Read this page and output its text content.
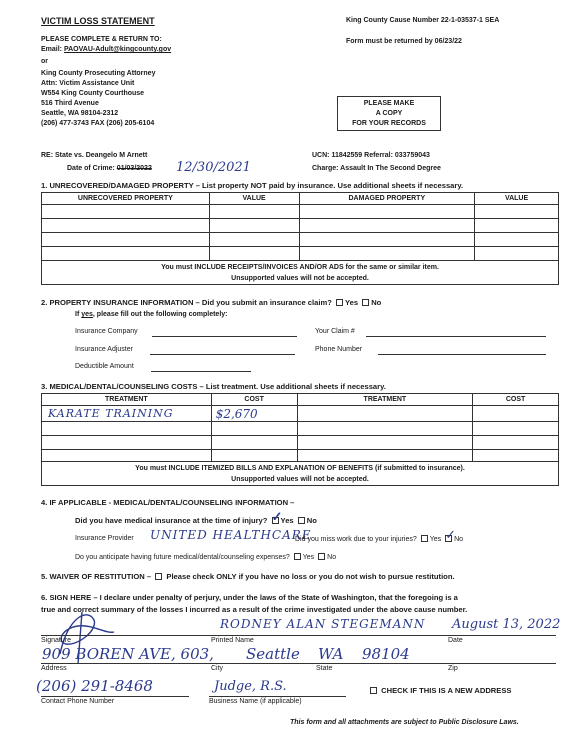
VICTIM LOSS STATEMENT	King County Cause Number 22-1-03537-1 SEA
Form must be returned by 06/23/22
PLEASE COMPLETE & RETURN TO:
Email: PAOVAU-Adult@kingcounty.gov
or
King County Prosecuting Attorney
Attn: Victim Assistance Unit
W554 King County Courthouse
516 Third Avenue
Seattle, WA 98104-2312
(206) 477-3743 FAX (206) 205-6104
PLEASE MAKE
A COPY
FOR YOUR RECORDS
RE: State vs. Deangelo M Arnett
Date of Crime: 01/03/2022 12/30/2021
UCN: 11842559 Referral: 033759043
Charge: Assault In The Second Degree
1. UNRECOVERED/DAMAGED PROPERTY – List property NOT paid by insurance. Use additional sheets if necessary.
UNRECOVERED PROPERTY	VALUE	DAMAGED PROPERTY	VALUE

You must INCLUDE RECEIPTS/INVOICES AND/OR ADS for the same or similar item.
Unsupported values will not be accepted.			
2. PROPERTY INSURANCE INFORMATION – Did you submit an insurance claim? Yes No
If yes, please fill out the following completely:
Insurance Company	Your Claim #
Insurance Adjuster	Phone Number
Deductible Amount
3. MEDICAL/DENTAL/COUNSELING COSTS – List treatment. Use additional sheets if necessary.
TREATMENT	COST	TREATMENT	COST
KARATE TRAINING	$2,670		

You must INCLUDE ITEMIZED BILLS AND EXPLANATION OF BENEFITS (if submitted to insurance).
Unsupported values will not be accepted.			
4. IF APPLICABLE - MEDICAL/DENTAL/COUNSELING INFORMATION –
Did you have medical insurance at the time of injury? ✓
Yes No
Insurance Provider UNITED HEALTHCARE
Did you miss work due to your injuries? Yes ✓
No
Do you anticipate having future medical/dental/counseling expenses? Yes No
5. WAIVER OF RESTITUTION – Please check ONLY if you have no loss or you do not wish to pursue restitution.
6. SIGN HERE – I declare under penalty of perjury, under the laws of the State of Washington, that the foregoing is a
true and correct summary of the losses I incurred as a result of the crime investigated under the above cause number.
RODNEY ALAN STEGEMANN August 13, 2022
Signature	Printed Name	Date
909 BOREN AVE, 603, Seattle WA 98104
Address	City	State	Zip
(206) 291-8468	Judge, R.S.
Contact Phone Number	Business Name (if applicable)
CHECK IF THIS IS A NEW ADDRESS
This form and all attachments are subject to Public Disclosure Laws.
